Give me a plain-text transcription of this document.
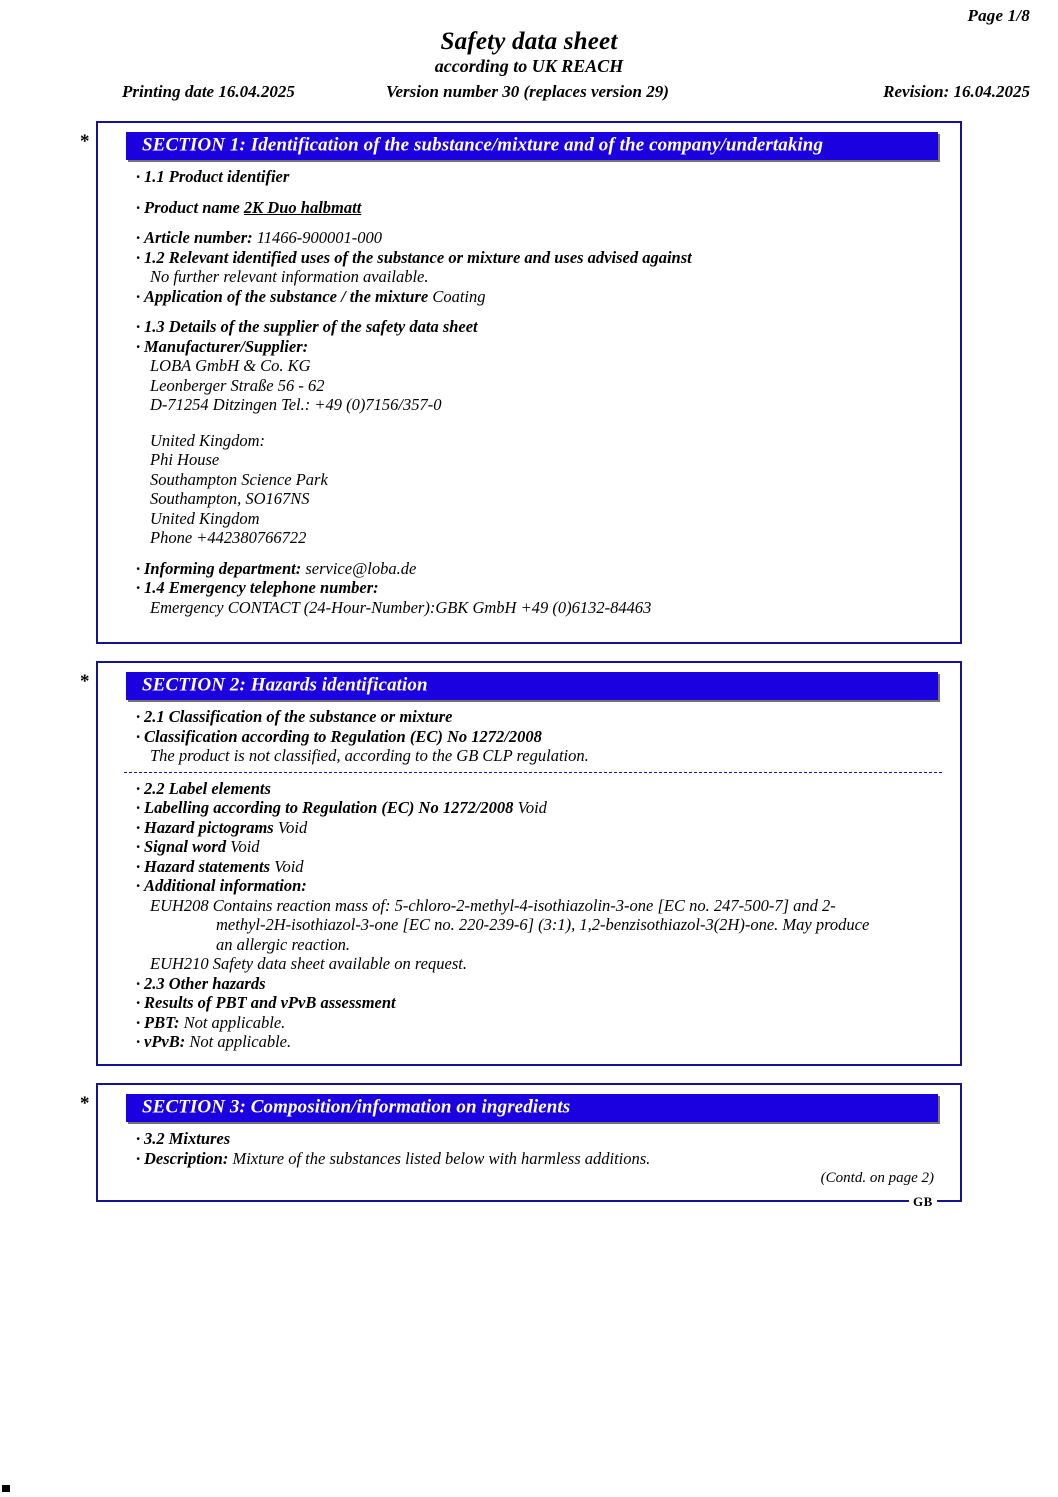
Page 1/8
Safety data sheet
according to UK REACH
Printing date 16.04.2025	Version number 30 (replaces version 29)	Revision: 16.04.2025
*	SECTION 1: Identification of the substance/mixture and of the company/undertaking
· 1.1 Product identifier
· Product name 2K Duo halbmatt
· Article number: 11466-900001-000
· 1.2 Relevant identified uses of the substance or mixture and uses advised against
No further relevant information available.
· Application of the substance / the mixture Coating
· 1.3 Details of the supplier of the safety data sheet
· Manufacturer/Supplier:
LOBA GmbH & Co. KG
Leonberger Straße 56 - 62
D-71254 Ditzingen Tel.: +49 (0)7156/357-0
United Kingdom:
Phi House
Southampton Science Park
Southampton, SO167NS
United Kingdom
Phone +442380766722
· Informing department: service@loba.de
· 1.4 Emergency telephone number:
Emergency CONTACT (24-Hour-Number):GBK GmbH +49 (0)6132-84463
*	SECTION 2: Hazards identification
· 2.1 Classification of the substance or mixture
· Classification according to Regulation (EC) No 1272/2008
The product is not classified, according to the GB CLP regulation.
· 2.2 Label elements
· Labelling according to Regulation (EC) No 1272/2008 Void
· Hazard pictograms Void
· Signal word Void
· Hazard statements Void
· Additional information:
EUH208 Contains reaction mass of: 5-chloro-2-methyl-4-isothiazolin-3-one [EC no. 247-500-7] and 2-
methyl-2H-isothiazol-3-one [EC no. 220-239-6] (3:1), 1,2-benzisothiazol-3(2H)-one. May produce
an allergic reaction.
EUH210 Safety data sheet available on request.
· 2.3 Other hazards
· Results of PBT and vPvB assessment
· PBT: Not applicable.
· vPvB: Not applicable.
*	SECTION 3: Composition/information on ingredients
· 3.2 Mixtures
· Description: Mixture of the substances listed below with harmless additions.
(Contd. on page 2)
GB
